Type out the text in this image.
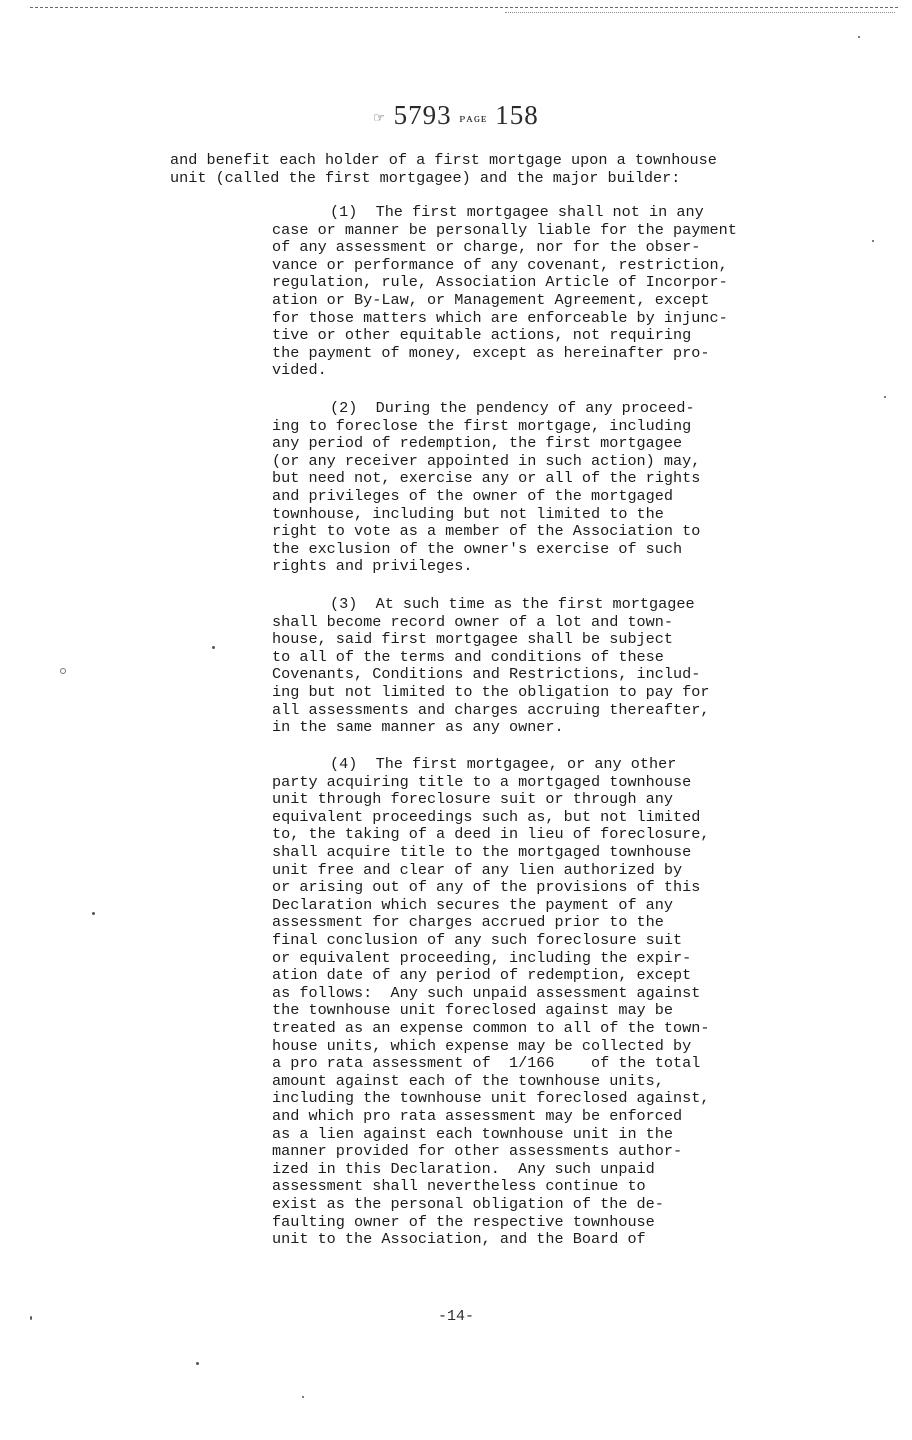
☞ 5793 ᴘᴀɢᴇ 158
and benefit each holder of a first mortgage upon a townhouse
unit (called the first mortgagee) and the major builder:
(1) The first mortgagee shall not in any
case or manner be personally liable for the payment
of any assessment or charge, nor for the obser-
vance or performance of any covenant, restriction,
regulation, rule, Association Article of Incorpor-
ation or By-Law, or Management Agreement, except
for those matters which are enforceable by injunc-
tive or other equitable actions, not requiring
the payment of money, except as hereinafter pro-
vided.
(2) During the pendency of any proceed-
ing to foreclose the first mortgage, including
any period of redemption, the first mortgagee
(or any receiver appointed in such action) may,
but need not, exercise any or all of the rights
and privileges of the owner of the mortgaged
townhouse, including but not limited to the
right to vote as a member of the Association to
the exclusion of the owner's exercise of such
rights and privileges.
(3) At such time as the first mortgagee
shall become record owner of a lot and town-
house, said first mortgagee shall be subject
to all of the terms and conditions of these
Covenants, Conditions and Restrictions, includ-
ing but not limited to the obligation to pay for
all assessments and charges accruing thereafter,
in the same manner as any owner.
(4) The first mortgagee, or any other
party acquiring title to a mortgaged townhouse
unit through foreclosure suit or through any
equivalent proceedings such as, but not limited
to, the taking of a deed in lieu of foreclosure,
shall acquire title to the mortgaged townhouse
unit free and clear of any lien authorized by
or arising out of any of the provisions of this
Declaration which secures the payment of any
assessment for charges accrued prior to the
final conclusion of any such foreclosure suit
or equivalent proceeding, including the expir-
ation date of any period of redemption, except
as follows:  Any such unpaid assessment against
the townhouse unit foreclosed against may be
treated as an expense common to all of the town-
house units, which expense may be collected by
a pro rata assessment of  1/166    of the total
amount against each of the townhouse units,
including the townhouse unit foreclosed against,
and which pro rata assessment may be enforced
as a lien against each townhouse unit in the
manner provided for other assessments author-
ized in this Declaration.  Any such unpaid
assessment shall nevertheless continue to
exist as the personal obligation of the de-
faulting owner of the respective townhouse
unit to the Association, and the Board of
-14-
